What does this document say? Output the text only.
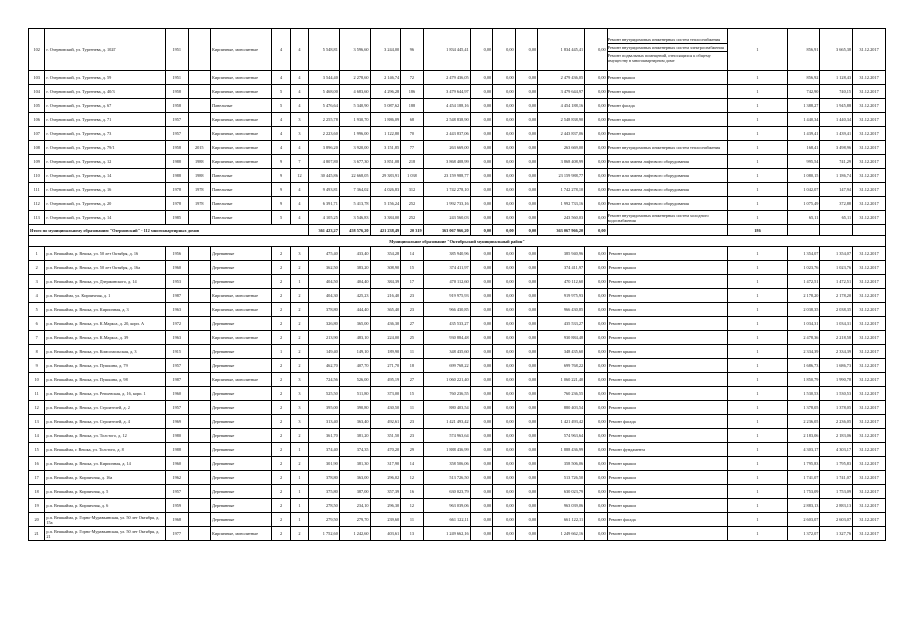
102	г. Озерновский, ул. Тургенева, д. 102Г	1951		Кирпичные, монолитные	4	4	5 548,81	3 596,60	3 244,00	96	1 834 445,41	0,00	0,00	0,00	1 834 445,41	0,00	Ремонт внутридомовых инженерных систем теплоснабжения
Ремонт внутридомовых инженерных систем электроснабжения
Ремонт подвальных помещений, относящихся к общему имуществу в многоквартирном доме	1	856,91	3 665,38	31.12.2017
103	г. Озерновский, ул. Тургенева, д. 59	1951		Кирпичные, монолитные	4	4	3 544,40	2 278,60	2 146,74	72	2 479 436,05	0,00	0,00	0,00	2 479 436,05	0,00	Ремонт крыши	1	856,92	1 128,43	31.12.2017
104	г. Озерновский, ул. Тургенева, д. 40/3	1958		Кирпичные, монолитные	5	4	5 468,00	4 683,60	4 296,28	186	3 479 644,97	0,00	0,00	0,00	3 479 644,97	0,00	Ремонт крыши	1	742,90	740,15	31.12.2017
105	г. Озерновский, ул. Тургенева, д. 67	1958		Панельные	5	4	5 476,64	5 340,90	5 087,62	188	4 454 188,16	0,00	0,00	0,00	4 454 188,16	0,00	Ремонт фасада	1	1 388,27	1 945,88	31.12.2017
106	г. Озерновский, ул. Тургенева, д. 71	1957		Кирпичные, монолитные	4	3	2 255,78	1 930,70	1 886,09	68	2 548 838,90	0,00	0,00	0,00	2 548 838,90	0,00	Ремонт крыши	1	1 440,34	1 440,34	31.12.2017
107	г. Озерновский, ул. Тургенева, д. 73	1957		Кирпичные, монолитные	4	3	2 223,60	1 996,00	1 122,80	70	2 443 837,06	0,00	0,00	0,00	2 443 837,06	0,00	Ремонт крыши	1	1 439,41	1 439,41	31.12.2017
108	г. Озерновский, ул. Тургенева, д. 79/1	1958	2015	Кирпичные, монолитные	4	4	3 896,20	3 920,00	3 151,85	77	263 669,00	0,00	0,00	0,00	263 669,00	0,00	Ремонт внутридомовых инженерных систем теплоснабжения	1	168,41	3 498,96	31.12.2017
109	г. Озерновский, ул. Тургенева, д. 12	1988	1988	Кирпичные, монолитные	9	7	4 807,80	3 677,30	3 851,08	218	3 868 408,99	0,00	0,00	0,00	3 868 408,99	0,00	Ремонт или замена лифтового оборудования	1	995,54	741,29	31.12.2017
110	г. Озерновский, ул. Тургенева, д. 14	1988	1988	Панельные	9	12	30 445,86	22 668,05	29 383,91	1 038	23 159 988,77	0,00	0,00	0,00	23 159 988,77	0,00	Ремонт или замена лифтового оборудования	1	1 080,15	1 186,74	31.12.2017
111	г. Озерновский, ул. Тургенева, д. 16	1978	1978	Панельные	9	4	9 493,81	7 364,02	4 026,83	312	1 742 278,10	0,00	0,00	0,00	1 742 278,10	0,00	Ремонт или замена лифтового оборудования	1	1 042,07	147,94	31.12.2017
112	г. Озерновский, ул. Тургенева, д. 20	1978	1978	Панельные	9	4	6 391,71	5 413,78	5 156,24	252	1 992 733,16	0,00	0,00	0,00	1 992 733,16	0,00	Ремонт или замена лифтового оборудования	1	1 075,49	372,88	31.12.2017
113	г. Озерновский, ул. Тургенева, д. 14	1985		Панельные	5	4	4 105,25	3 546,83	3 384,00	252	243 560,03	0,00	0,00	0,00	243 560,03	0,00	Ремонт внутридомовых инженерных систем холодного водоснабжения	1	65,11	65,11	31.12.2017
Итого по муниципальному образованию "Озерновский" - 112 многоквартирных домов							361 423,27	458 576,20	421 238,49	20 319	363 067 966,20	0,00	0,00	0,00	363 067 966,20	0,00		186			
Муниципальное образование "Октябрьский муниципальный район"																					
1	р.п. Вешкайма, р. Вешка, ул. 50 лет Октября, д. 16	1956		Деревянные	2	3	475,40	433,40	354,28	14	385 940,96	0,00	0,00	0,00	385 940,96	0,00	Ремонт крыши	1	1 354,07	1 354,07	31.12.2017
2	р.п. Вешкайма, р. Вешка, ул. 50 лет Октября, д. 16а	1960		Деревянные	2	2	362,50	383,20	308,90	15	374 411,97	0,00	0,00	0,00	374 411,97	0,00	Ремонт крыши	1	1 023,76	1 023,76	31.12.2017
3	р.п. Вешкайма, р. Вешка, ул. Дзержинского, д. 14	1953		Деревянные	2	1	404,50	404,40	384,39	17	470 112,60	0,00	0,00	0,00	470 112,60	0,00	Ремонт крыши	1	1 472,51	1 472,51	31.12.2017
4	р.п. Вешкайма, ул. Кирпичная, д. 1	1987		Кирпичные, монолитные	2	2	404,30	425,23	216,40	23	919 975,93	0,00	0,00	0,00	919 975,93	0,00	Ремонт крыши	1	2 178,20	2 178,20	31.12.2017
5	р.п. Вешкайма, р. Вешка, ул. Кирпичная, д. 3	1963		Кирпичные, монолитные	2	2	378,80	444,40	365,40	23	966 430,85	0,00	0,00	0,00	966 430,85	0,00	Ремонт крыши	1	2 038,35	2 038,35	31.12.2017
6	р.п. Вешкайма, р. Вешка, ул. К.Маркса, д. 20, корп. А	1972		Деревянные	2	2	326,80	365,00	436,30	27	435 533,27	0,00	0,00	0,00	435 533,27	0,00	Ремонт крыши	1	1 034,31	1 034,31	31.12.2017
7	р.п. Вешкайма, р. Вешка, ул. К.Маркса, д. 39	1963		Кирпичные, монолитные	2	2	213,90	483,10	224,00	25	930 884,48	0,00	0,00	0,00	930 884,48	0,00	Ремонт крыши	1	2 478,36	2 218,58	31.12.2017
8	р.п. Вешкайма, р. Вешка, ул. Комсомольская, д. 3	1915		Деревянные	1	2	149,40	149,10	189,90	11	348 435,60	0,00	0,00	0,00	348 435,60	0,00	Ремонт крыши	1	2 334,39	2 334,39	31.12.2017
9	р.п. Вешкайма, р. Вешка, ул. Пушкина, д. 79	1957		Деревянные	2	2	462,70	407,70	271,70	18	699 768,22	0,00	0,00	0,00	699 768,22	0,00	Ремонт крыши	1	1 686,73	1 686,73	31.12.2017
10	р.п. Вешкайма, р. Вешка, ул. Пушкина, д. 98	1987		Кирпичные, монолитные	2	3	724,56	526,00	495,19	27	1 060 221,40	0,00	0,00	0,00	1 060 221,40	0,00	Ремонт крыши	1	1 850,79	1 990,78	31.12.2017
11	р.п. Вешкайма, р. Вешка, ул. Репьевская, д. 16, корп. 1	1960		Деревянные	2	3	525,50	511,80	373,00	15	760 236,55	0,00	0,00	0,00	760 236,55	0,00	Ремонт крыши	1	1 530,53	1 530,53	31.12.2017
12	р.п. Вешкайма, р. Вешка, ул. Строителей, д. 2	1957		Деревянные	2	3	395,00	390,80	430,50	11	880 403,54	0,00	0,00	0,00	880 403,54	0,00	Ремонт крыши	1	1 378,05	1 378,05	31.12.2017
13	р.п. Вешкайма, р. Вешка, ул. Строителей, д. 4	1969		Деревянные	2	3	313,40	363,40	492,61	23	1 421 493,42	0,00	0,00	0,00	1 421 493,42	0,00	Ремонт фасада	1	2 236,05	2 236,05	31.12.2017
14	р.п. Вешкайма, р. Вешка, ул. Толстого, д. 12	1980		Деревянные	2	2	361,70	381,20	351,50	23	574 963,64	0,00	0,00	0,00	574 963,64	0,00	Ремонт крыши	1	2 183,06	2 183,06	31.12.2017
15	р.п. Вешкайма, г. Вешка, ул. Толстого, д. 8	1988		Деревянные	2	1	374,40	374,35	470,20	29	1 888 436,99	0,00	0,00	0,00	1 888 436,99	0,00	Ремонт фундамента	1	4 303,17	4 303,17	31.12.2017
16	р.п. Вешкайма, р. Вешка, ул. Кирпичная, д. 14	1960		Деревянные	2	2	301,90	381,30	317,90	14	358 506,06	0,00	0,00	0,00	358 506,06	0,00	Ремонт крыши	1	1 795,83	1 795,83	31.12.2017
17	р.п. Вешкайма, р. Кирпичная, д. 16а	1962		Деревянные	2	1	378,80	363,00	296,02	12	513 726,50	0,00	0,00	0,00	513 726,50	0,00	Ремонт крыши	1	1 741,07	1 741,07	31.12.2017
18	р.п. Вешкайма, р. Кирпичная, д. 5	1957		Деревянные	2	1	375,80	387,00	357,39	16	630 023,79	0,00	0,00	0,00	630 023,79	0,00	Ремонт крыши	1	1 753,09	1 753,09	31.12.2017
19	р.п. Вешкайма, р. Кирпичная, д. 6	1959		Деревянные	2	1	278,50	234,10	296,30	12	963 039,06	0,00	0,00	0,00	963 039,06	0,00	Ремонт крыши	1	2 883,13	2 883,13	31.12.2017
20	р.п. Вешкайма, р. Горно-Муравьинская, ул. 50 лет Октября, д. 15а	1968		Деревянные	2	1	279,50	279,70	239,60	11	661 122,11	0,00	0,00	0,00	661 122,11	0,00	Ремонт фасада	1	2 603,07	2 603,07	31.12.2017
21	р.п. Вешкайма, р. Горно-Муравьинская, ул. 50 лет Октября, д. 21	1977		Кирпичные, монолитные	2	2	1 752,60	1 242,60	403,61	13	1 249 662,16	0,00	0,00	0,00	1 249 662,16	0,00	Ремонт крыши	1	1 372,07	1 327,76	31.12.2017
